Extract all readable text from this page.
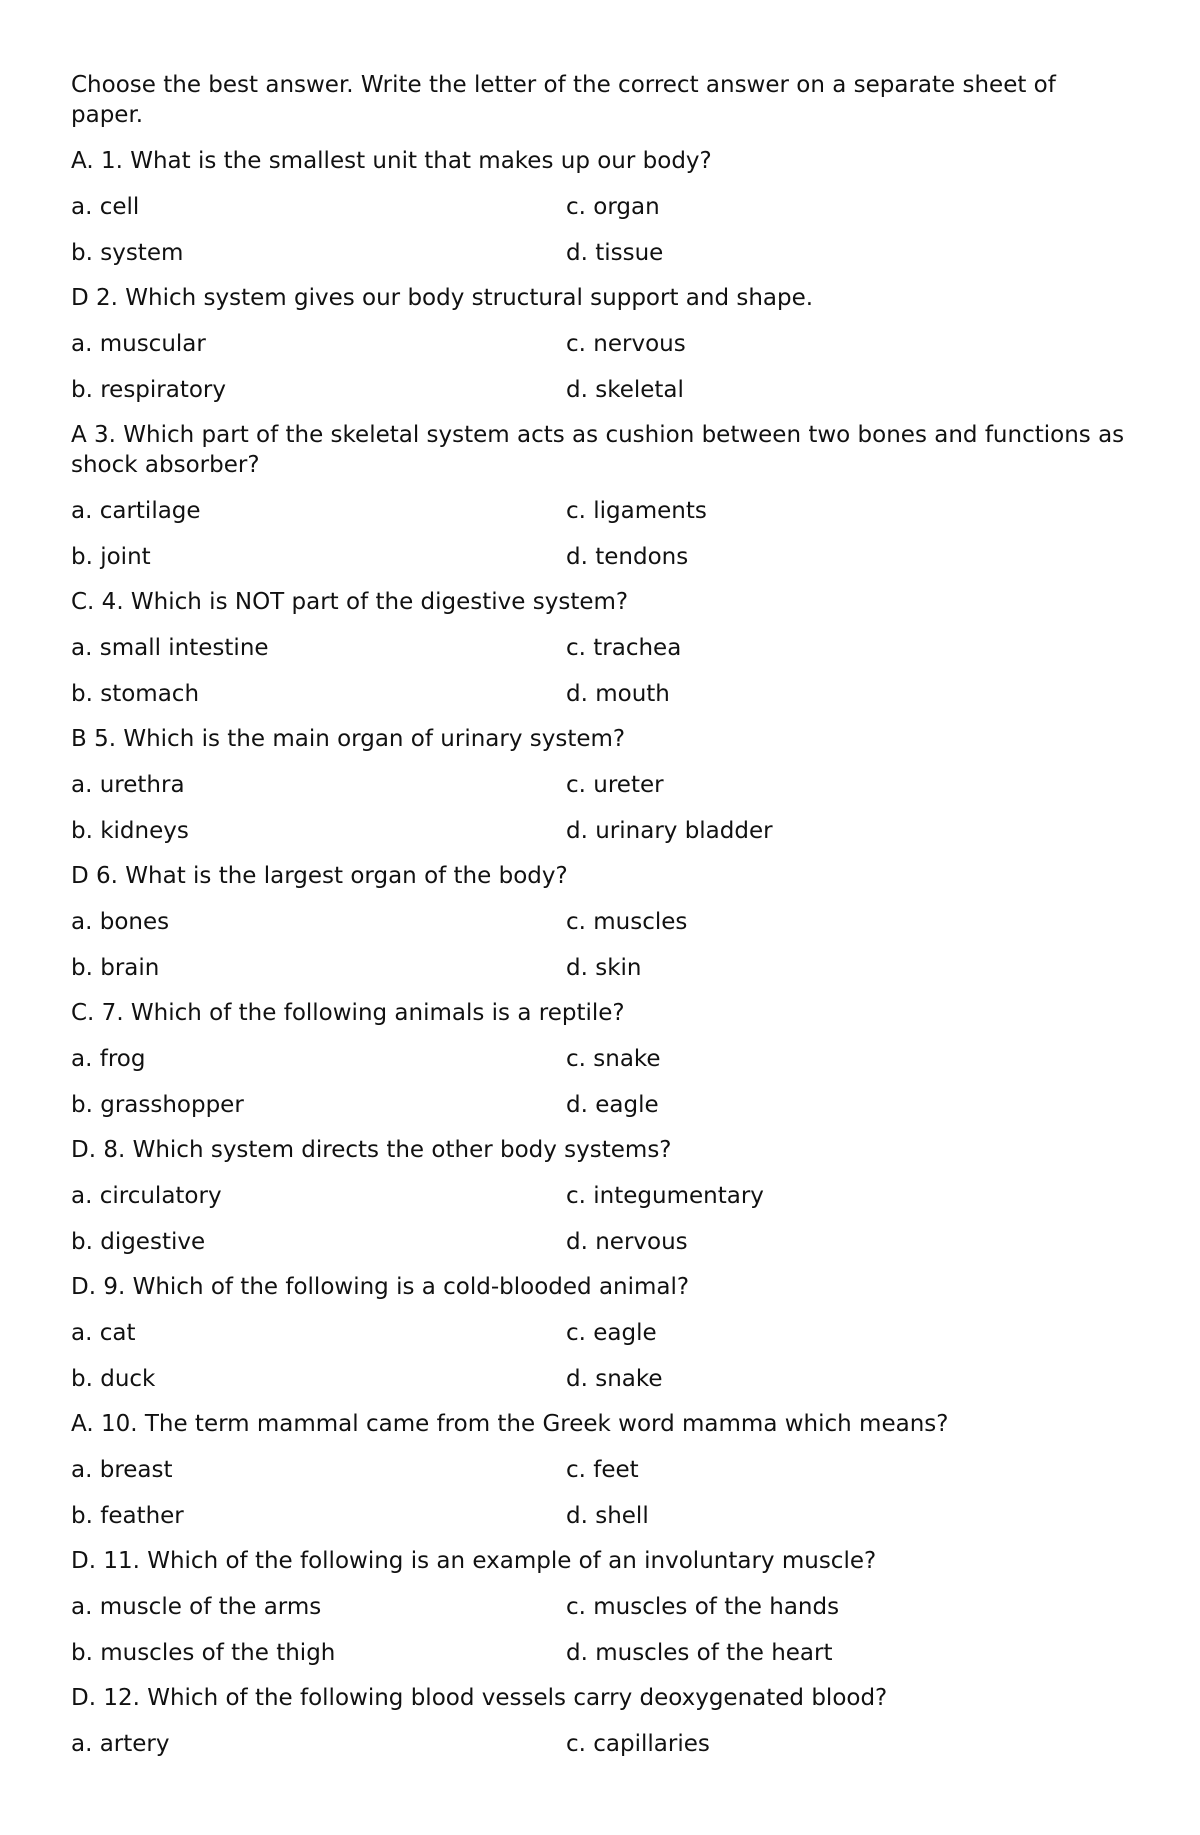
Choose the best answer. Write the letter of the correct answer on a separate sheet of paper.

A. 1. What is the smallest unit that makes up our body?

a. cell	c. organ
b. system	d. tissue

D 2. Which system gives our body structural support and shape.

a. muscular	c. nervous
b. respiratory	d. skeletal

A 3. Which part of the skeletal system acts as cushion between two bones and functions as shock absorber?

a. cartilage	c. ligaments
b. joint	d. tendons

C. 4. Which is NOT part of the digestive system?

a. small intestine	c. trachea
b. stomach	d. mouth

B 5. Which is the main organ of urinary system?

a. urethra	c. ureter
b. kidneys	d. urinary bladder

D 6. What is the largest organ of the body?

a. bones	c. muscles
b. brain	d. skin

C. 7. Which of the following animals is a reptile?

a. frog	c. snake
b. grasshopper	d. eagle

D. 8. Which system directs the other body systems?

a. circulatory	c. integumentary
b. digestive	d. nervous

D. 9. Which of the following is a cold-blooded animal?

a. cat	c. eagle
b. duck	d. snake

A. 10. The term mammal came from the Greek word mamma which means?

a. breast	c. feet
b. feather	d. shell

D. 11. Which of the following is an example of an involuntary muscle?

a. muscle of the arms	c. muscles of the hands
b. muscles of the thigh	d. muscles of the heart

D. 12. Which of the following blood vessels carry deoxygenated blood?

a. artery	c. capillaries
